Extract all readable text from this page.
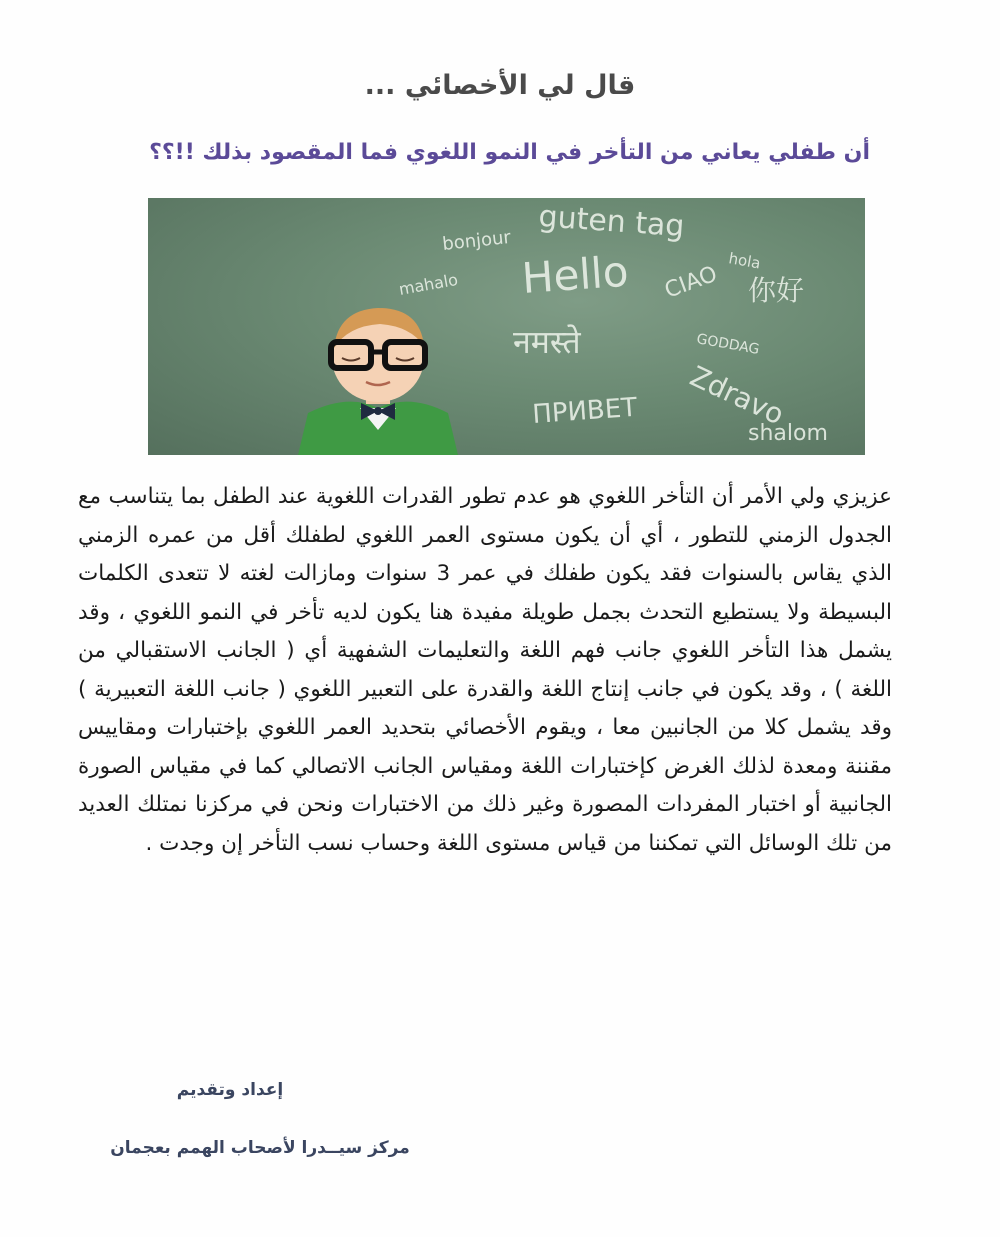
قال لي الأخصائي ...
أن طفلي يعاني من التأخر في النمو اللغوي فما المقصود بذلك !!؟؟
guten tag
bonjour
Hello
mahalo
hola
CIAO 你好
नमस्ते	GODDAG
Zdravo
ПРИВЕТ
shalom

عزيزي ولي الأمر أن التأخر اللغوي هو عدم تطور القدرات اللغوية عند الطفل بما يتناسب مع الجدول الزمني للتطور ، أي أن يكون مستوى العمر اللغوي لطفلك أقل من عمره الزمني الذي يقاس بالسنوات فقد يكون طفلك في عمر 3 سنوات ومازالت لغته لا تتعدى الكلمات البسيطة ولا يستطيع التحدث بجمل طويلة مفيدة هنا يكون لديه تأخر في النمو اللغوي ، وقد يشمل هذا التأخر اللغوي جانب فهم اللغة والتعليمات الشفهية أي ( الجانب الاستقبالي من اللغة ) ، وقد يكون في جانب إنتاج اللغة والقدرة على التعبير اللغوي ( جانب اللغة التعبيرية ) وقد يشمل كلا من الجانبين معا ، ويقوم الأخصائي بتحديد العمر اللغوي بإختبارات ومقاييس مقننة ومعدة لذلك الغرض كإختبارات اللغة ومقياس الجانب الاتصالي كما في مقياس الصورة الجانبية أو اختبار المفردات المصورة وغير ذلك من الاختبارات ونحن في مركزنا نمتلك العديد من تلك الوسائل التي تمكننا من قياس مستوى اللغة وحساب نسب التأخر إن وجدت .

إعداد وتقديم

مركز سيــدرا لأصحاب الهمم بعجمان
